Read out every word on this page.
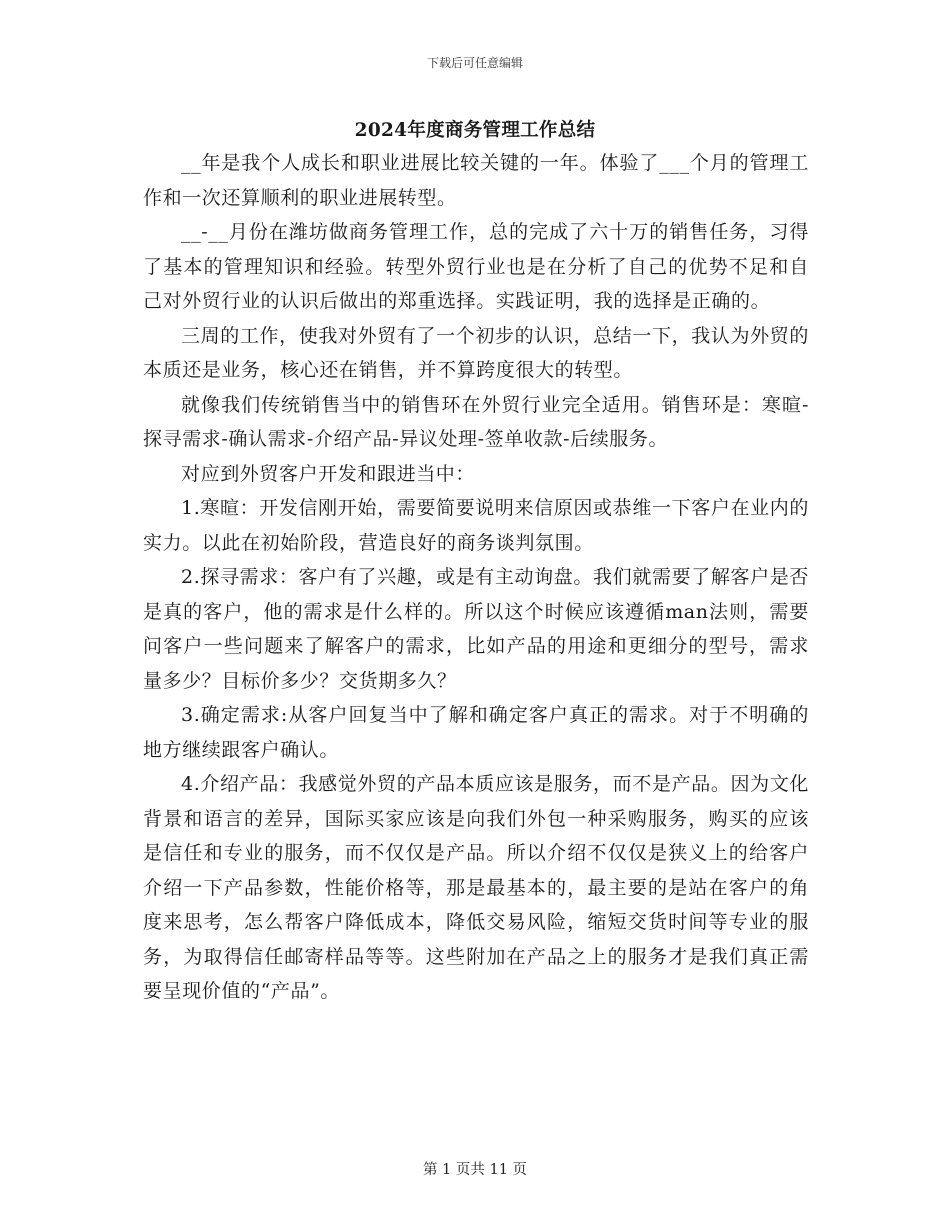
下载后可任意编辑
2024年度商务管理工作总结

__年是我个人成长和职业进展比较关键的一年。体验了___个月的管理工作和一次还算顺利的职业进展转型。

__-__月份在潍坊做商务管理工作，总的完成了六十万的销售任务，习得了基本的管理知识和经验。转型外贸行业也是在分析了自己的优势不足和自己对外贸行业的认识后做出的郑重选择。实践证明，我的选择是正确的。

三周的工作，使我对外贸有了一个初步的认识，总结一下，我认为外贸的本质还是业务，核心还在销售，并不算跨度很大的转型。

就像我们传统销售当中的销售环在外贸行业完全适用。销售环是：寒暄-探寻需求-确认需求-介绍产品-异议处理-签单收款-后续服务。

对应到外贸客户开发和跟进当中：

1.寒暄：开发信刚开始，需要简要说明来信原因或恭维一下客户在业内的实力。以此在初始阶段，营造良好的商务谈判氛围。

2.探寻需求：客户有了兴趣，或是有主动询盘。我们就需要了解客户是否是真的客户，他的需求是什么样的。所以这个时候应该遵循man法则，需要问客户一些问题来了解客户的需求，比如产品的用途和更细分的型号，需求量多少？目标价多少？交货期多久？

3.确定需求:从客户回复当中了解和确定客户真正的需求。对于不明确的地方继续跟客户确认。

4.介绍产品：我感觉外贸的产品本质应该是服务，而不是产品。因为文化背景和语言的差异，国际买家应该是向我们外包一种采购服务，购买的应该是信任和专业的服务，而不仅仅是产品。所以介绍不仅仅是狭义上的给客户介绍一下产品参数，性能价格等，那是最基本的，最主要的是站在客户的角度来思考，怎么帮客户降低成本，降低交易风险，缩短交货时间等专业的服务，为取得信任邮寄样品等等。这些附加在产品之上的服务才是我们真正需要呈现价值的“产品”。

第 1 页共 11 页
